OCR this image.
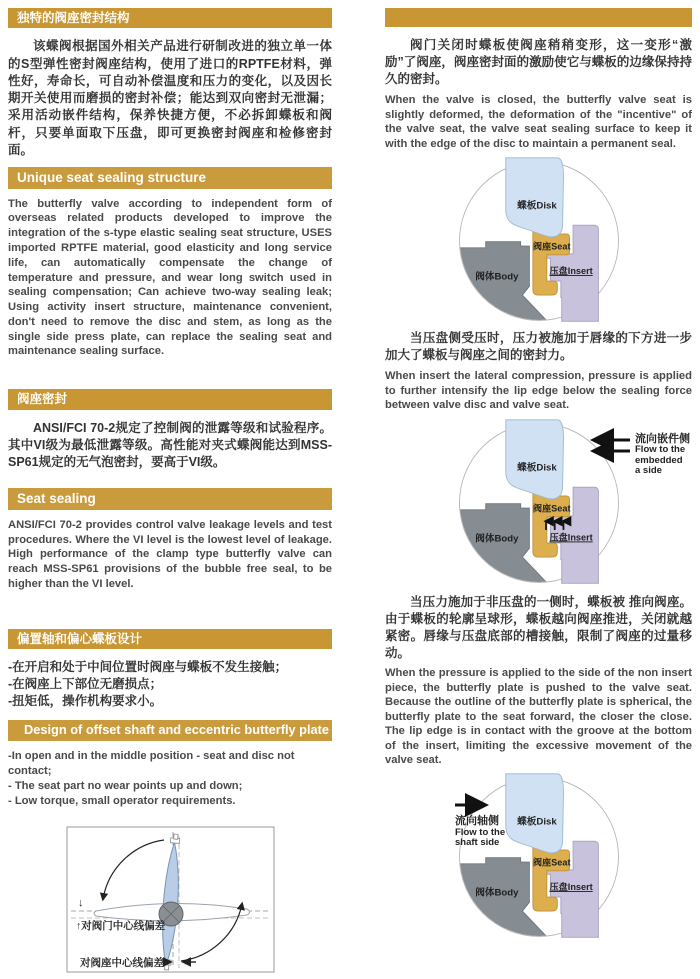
独特的阀座密封结构

该蝶阀根据国外相关产品进行研制改进的独立单一体的S型弹性密封阀座结构，使用了进口的RPTFE材料，弹性好，寿命长，可自动补偿温度和压力的变化，以及因长期开关使用而磨损的密封补偿；能达到双向密封无泄漏；采用活动嵌件结构，保养快捷方便，不必拆卸蝶板和阀杆，只要单面取下压盘，即可更换密封阀座和检修密封面。

Unique seat sealing structure

The butterfly valve according to independent form of overseas related products developed to improve the integration of the s-type elastic sealing seat structure, USES imported RPTFE material, good elasticity and long service life, can automatically compensate the change of temperature and pressure, and wear long switch used in sealing compensation; Can achieve two-way sealing leak; Using activity insert structure, maintenance convenient, don't need to remove the disc and stem, as long as the single side press plate, can replace the sealing seat and maintenance sealing surface.

阀座密封

ANSI/FCI 70-2规定了控制阀的泄露等级和试验程序。其中VI级为最低泄露等级。高性能对夹式蝶阀能达到MSS-SP61规定的无气泡密封，要高于VI级。

Seat sealing

ANSI/FCI 70-2 provides control valve leakage levels and test procedures. Where the VI level is the lowest level of leakage. High performance of the clamp type butterfly valve can reach MSS-SP61 provisions of the bubble free seal, to be higher than the VI level.

偏置轴和偏心蝶板设计
-在开启和处于中间位置时阀座与蝶板不发生接触；
-在阀座上下部位无磨损点；
-扭矩低，操作机构要求小。
Design of offset shaft and eccentric butterfly plate
-In open and in the middle position - seat and disc not contact;
- The seat part no wear points up and down;
- Low torque, small operator requirements.
↓
↑对阀门中心线偏差
对阀座中心线偏差

阀门关闭时蝶板使阀座稍稍变形，这一变形“激励”了阀座，阀座密封面的激励使它与蝶板的边缘保持持久的密封。

When the valve is closed, the butterfly valve seat is slightly deformed, the deformation of the "incentive" of the valve seat, the valve seat sealing surface to keep it with the edge of the disc to maintain a permanent seal.

蝶板Disk
阀座Seat
压盘Insert
阀体Body

当压盘侧受压时，压力被施加于唇缘的下方进一步加大了蝶板与阀座之间的密封力。

When insert the lateral compression, pressure is applied to further intensify the lip edge below the sealing force between valve disc and valve seat.

蝶板Disk
阀座Seat
压盘Insert
阀体Body
流向嵌件侧
Flow to the
embedded
a side

当压力施加于非压盘的一侧时，蝶板被 推向阀座。由于蝶板的轮廓呈球形，蝶板越向阀座推进，关闭就越紧密。唇缘与压盘底部的槽接触，限制了阀座的过量移动。

When the pressure is applied to the side of the non insert piece, the butterfly plate is pushed to the valve seat. Because the outline of the butterfly plate is spherical, the butterfly plate to the seat forward, the closer the close. The lip edge is in contact with the groove at the bottom of the insert, limiting the excessive movement of the valve seat.

蝶板Disk
阀座Seat
压盘Insert
阀体Body
流向轴侧
Flow to the
shaft side
